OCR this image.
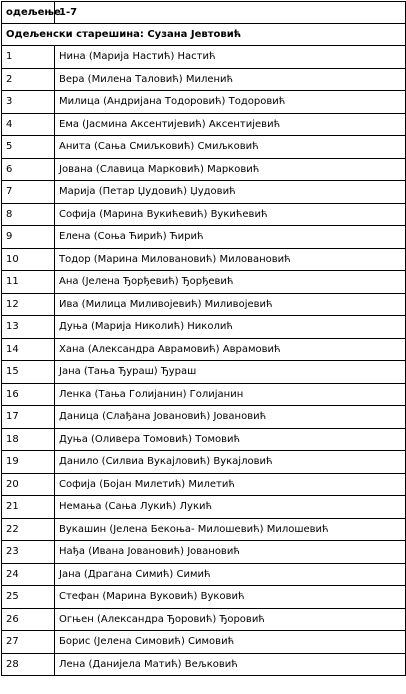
одељење	1-7
Одељенски старешина: Сузана Јевтовић	
1	Нина (Марија Настић) Настић
2	Вера (Милена Таловић) Миленић
3	Милица (Андријана Тодоровић) Тодоровић
4	Ема (Јасмина Аксентијевић) Аксентијевић
5	Анита (Сања Смиљковић) Смиљковић
6	Јована (Славица Марковић) Марковић
7	Марија (Петар Џудовић) Џудовић
8	Софија (Марина Вукићевић) Вукићевић
9	Елена (Соња Ћирић) Ћирић
10	Тодор (Марина Миловановић) Миловановић
11	Ана (Јелена Ђорђевић) Ђорђевић
12	Ива (Милица Миливојевић) Миливојевић
13	Дуња (Марија Николић) Николић
14	Хана (Александра Аврамовић) Аврамовић
15	Јана (Тања Ђураш) Ђураш
16	Ленка (Тања Голијанин) Голијанин
17	Даница (Слађана Јовановић) Јовановић
18	Дуња (Оливера Томовић) Томовић
19	Данило (Силвиа Вукајловић) Вукајловић
20	Софија (Бојан Милетић) Милетић
21	Немања (Сања Лукић) Лукић
22	Вукашин (Јелена Бекоња- Милошевић) Милошевић
23	Нађа (Ивана Јовановић) Јовановић
24	Јана (Драгана Симић) Симић
25	Стефан (Марина Вуковић) Вуковић
26	Огњен (Александра Ђоровић) Ђоровић
27	Борис (Јелена Симовић) Симовић
28	Лена (Данијела Матић) Вељковић
